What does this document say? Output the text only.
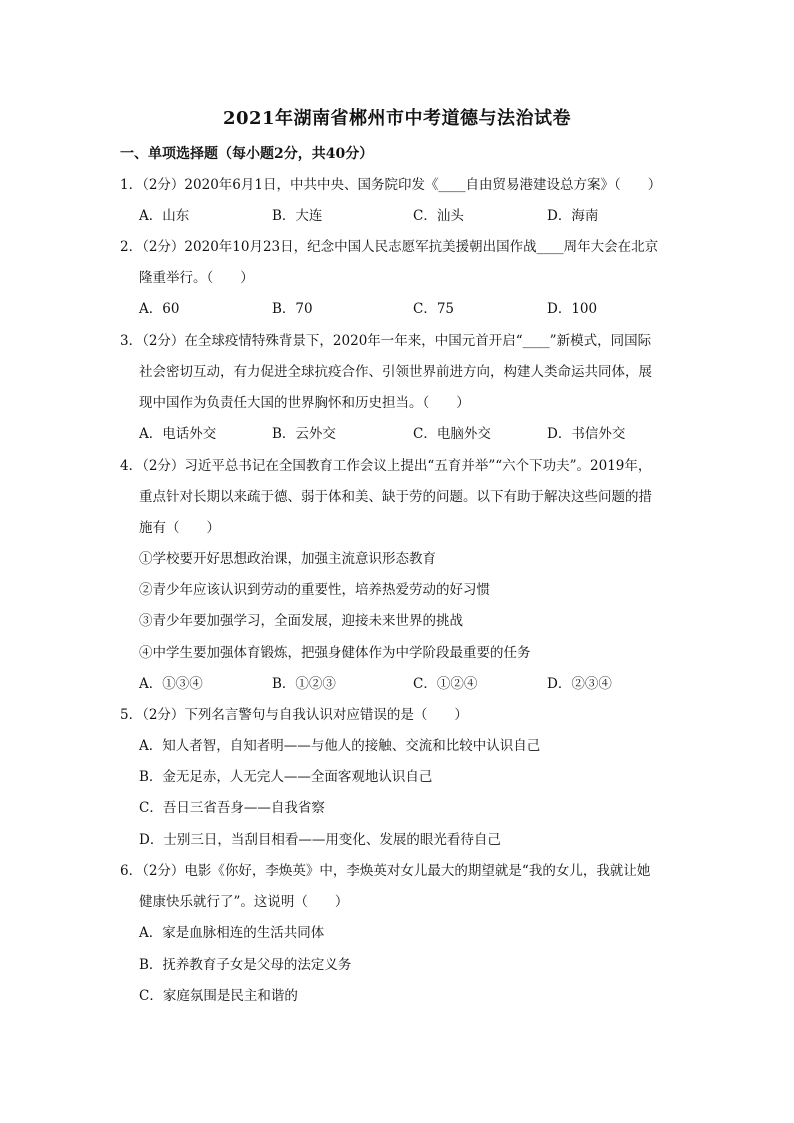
2021年湖南省郴州市中考道德与法治试卷
一、单项选择题（每小题2分，共40分）
1．（2分）2020年6月1日，中共中央、国务院印发《____自由贸易港建设总方案》（　　）
A．山东	B．大连	C．汕头	D．海南
2．（2分）2020年10月23日，纪念中国人民志愿军抗美援朝出国作战____周年大会在北京
隆重举行。（　　）
A．60	B．70	C．75	D．100
3．（2分）在全球疫情特殊背景下，2020年一年来，中国元首开启“____”新模式，同国际
社会密切互动，有力促进全球抗疫合作、引领世界前进方向，构建人类命运共同体，展
现中国作为负责任大国的世界胸怀和历史担当。（　　）
A．电话外交	B．云外交	C．电脑外交	D．书信外交
4．（2分）习近平总书记在全国教育工作会议上提出“五育并举”“六个下功夫”。2019年，
重点针对长期以来疏于德、弱于体和美、缺于劳的问题。以下有助于解决这些问题的措
施有（　　）
①学校要开好思想政治课，加强主流意识形态教育
②青少年应该认识到劳动的重要性，培养热爱劳动的好习惯
③青少年要加强学习，全面发展，迎接未来世界的挑战
④中学生要加强体育锻炼，把强身健体作为中学阶段最重要的任务
A．①③④	B．①②③	C．①②④	D．②③④
5．（2分）下列名言警句与自我认识对应错误的是（　　）
A．知人者智，自知者明——与他人的接触、交流和比较中认识自己
B．金无足赤，人无完人——全面客观地认识自己
C．吾日三省吾身——自我省察
D．士别三日，当刮目相看——用变化、发展的眼光看待自己
6．（2分）电影《你好，李焕英》中，李焕英对女儿最大的期望就是“我的女儿，我就让她
健康快乐就行了”。这说明（　　）
A．家是血脉相连的生活共同体
B．抚养教育子女是父母的法定义务
C．家庭氛围是民主和谐的
